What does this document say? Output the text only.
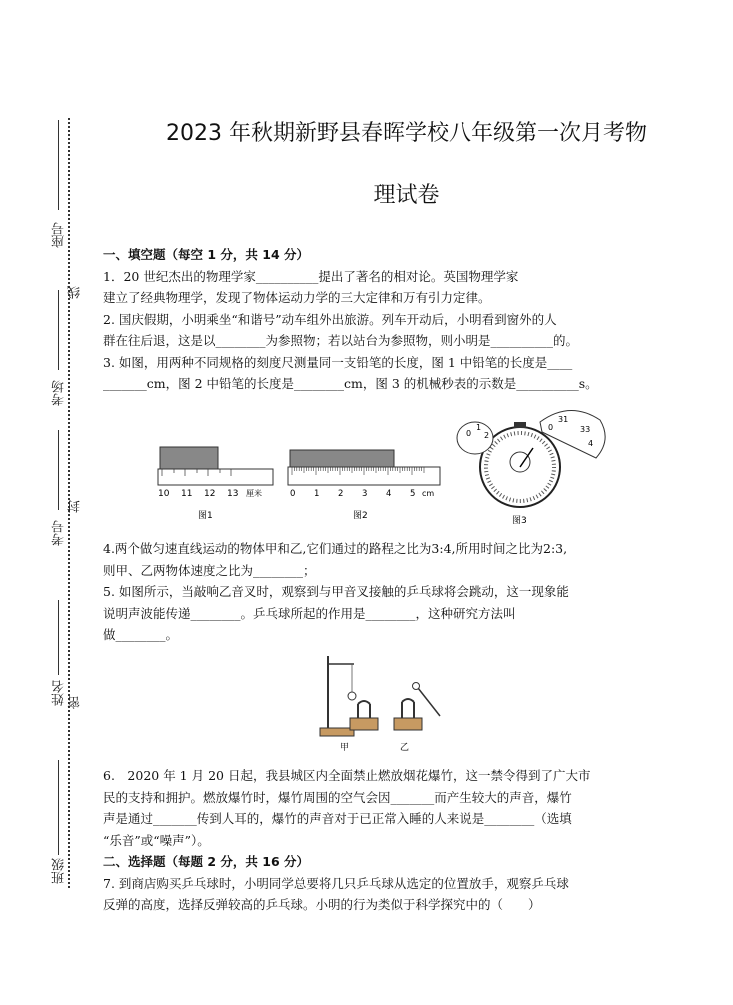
座号
线
考场
封
考号
姓名 密
班级
2023 年秋期新野县春晖学校八年级第一次月考物
理试卷

一、填空题（每空 1 分，共 14 分）

1．20 世纪杰出的物理学家__________提出了著名的相对论。英国物理学家

建立了经典物理学，发现了物体运动力学的三大定律和万有引力定律。

2. 国庆假期，小明乘坐“和谐号”动车组外出旅游。列车开动后，小明看到窗外的人

群在往后退，这是以________为参照物；若以站台为参照物，则小明是__________的。

3. 如图，用两种不同规格的刻度尺测量同一支铅笔的长度，图 1 中铅笔的长度是____

_______cm，图 2 中铅笔的长度是________cm，图 3 的机械秒表的示数是__________s。

10 11 12 13 厘米
图1
0 1 2 3 4 5 cm
图2
0
1
2
0
31
33
4
图3

4.两个做匀速直线运动的物体甲和乙,它们通过的路程之比为3:4,所用时间之比为2:3,

则甲、乙两物体速度之比为________；

5. 如图所示，当敲响乙音叉时，观察到与甲音叉接触的乒乓球将会跳动，这一现象能

说明声波能传递________。乒乓球所起的作用是________，这种研究方法叫

做________。

甲	乙

6.　2020 年 1 月 20 日起，我县城区内全面禁止燃放烟花爆竹，这一禁令得到了广大市

民的支持和拥护。燃放爆竹时，爆竹周围的空气会因_______而产生较大的声音，爆竹

声是通过_______传到人耳的，爆竹的声音对于已正常入睡的人来说是________（选填

“乐音”或“噪声”）。

二、选择题（每题 2 分，共 16 分）

7. 到商店购买乒乓球时，小明同学总要将几只乒乓球从选定的位置放手，观察乒乓球

反弹的高度，选择反弹较高的乒乓球。小明的行为类似于科学探究中的（　　）
